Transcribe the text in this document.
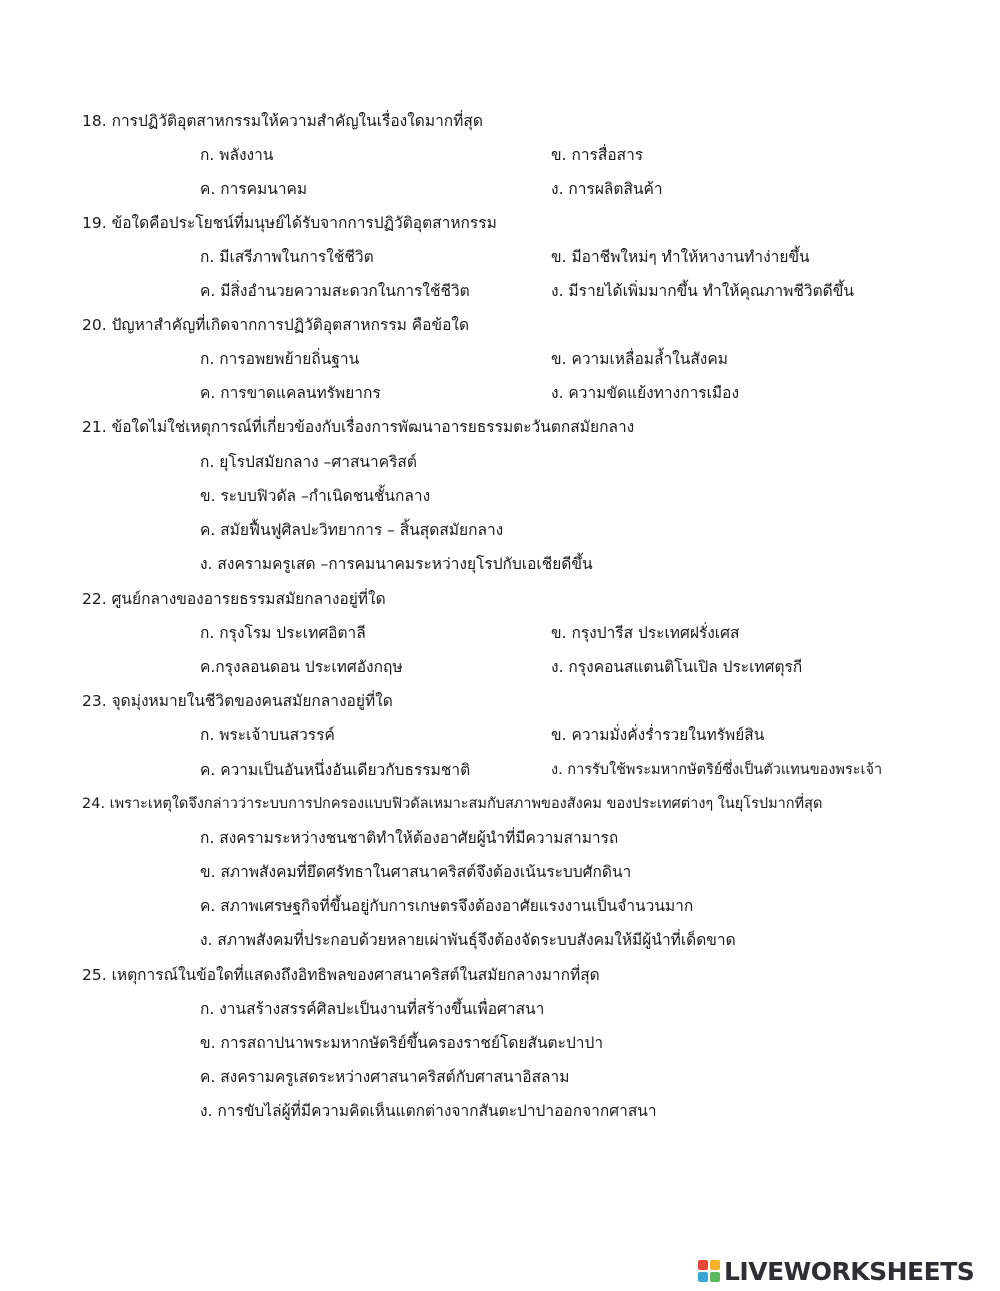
18. การปฏิวัติอุตสาหกรรมให้ความสำคัญในเรื่องใดมากที่สุด
ก. พลังงาน	ข. การสื่อสาร
ค. การคมนาคม	ง. การผลิตสินค้า
19. ข้อใดคือประโยชน์ที่มนุษย์ได้รับจากการปฏิวัติอุตสาหกรรม
ก. มีเสรีภาพในการใช้ชีวิต	ข. มีอาชีพใหม่ๆ ทำให้หางานทำง่ายขึ้น
ค. มีสิ่งอำนวยความสะดวกในการใช้ชีวิต	ง. มีรายได้เพิ่มมากขึ้น ทำให้คุณภาพชีวิตดีขึ้น
20. ปัญหาสำคัญที่เกิดจากการปฏิวัติอุตสาหกรรม คือข้อใด
ก. การอพยพย้ายถิ่นฐาน	ข. ความเหลื่อมล้ำในสังคม
ค. การขาดแคลนทรัพยากร	ง. ความขัดแย้งทางการเมือง
21. ข้อใดไม่ใช่เหตุการณ์ที่เกี่ยวข้องกับเรื่องการพัฒนาอารยธรรมตะวันตกสมัยกลาง
ก. ยุโรปสมัยกลาง –ศาสนาคริสต์
ข. ระบบฟิวดัล –กำเนิดชนชั้นกลาง
ค. สมัยฟื้นฟูศิลปะวิทยาการ – สิ้นสุดสมัยกลาง
ง. สงครามครูเสด –การคมนาคมระหว่างยุโรปกับเอเชียดีขึ้น
22. ศูนย์กลางของอารยธรรมสมัยกลางอยู่ที่ใด
ก. กรุงโรม ประเทศอิตาลี	ข. กรุงปารีส ประเทศฝรั่งเศส
ค.กรุงลอนดอน ประเทศอังกฤษ	ง. กรุงคอนสแตนติโนเปิล ประเทศตุรกี
23. จุดมุ่งหมายในชีวิตของคนสมัยกลางอยู่ที่ใด
ก. พระเจ้าบนสวรรค์	ข. ความมั่งคั่งร่ำรวยในทรัพย์สิน
ค. ความเป็นอันหนึ่งอันเดียวกับธรรมชาติ	ง. การรับใช้พระมหากษัตริย์ซึ่งเป็นตัวแทนของพระเจ้า
24. เพราะเหตุใดจึงกล่าวว่าระบบการปกครองแบบฟิวดัลเหมาะสมกับสภาพของสังคม ของประเทศต่างๆ ในยุโรปมากที่สุด
ก. สงครามระหว่างชนชาติทำให้ต้องอาศัยผู้นำที่มีความสามารถ
ข. สภาพสังคมที่ยึดศรัทธาในศาสนาคริสต์จึงต้องเน้นระบบศักดินา
ค. สภาพเศรษฐกิจที่ขึ้นอยู่กับการเกษตรจึงต้องอาศัยแรงงานเป็นจำนวนมาก
ง. สภาพสังคมที่ประกอบด้วยหลายเผ่าพันธุ์จึงต้องจัดระบบสังคมให้มีผู้นำที่เด็ดขาด
25. เหตุการณ์ในข้อใดที่แสดงถึงอิทธิพลของศาสนาคริสต์ในสมัยกลางมากที่สุด
ก. งานสร้างสรรค์ศิลปะเป็นงานที่สร้างขึ้นเพื่อศาสนา
ข. การสถาปนาพระมหากษัตริย์ขึ้นครองราชย์โดยสันตะปาปา
ค. สงครามครูเสดระหว่างศาสนาคริสต์กับศาสนาอิสลาม
ง. การขับไล่ผู้ที่มีความคิดเห็นแตกต่างจากสันตะปาปาออกจากศาสนา
LIVEWORKSHEETS
